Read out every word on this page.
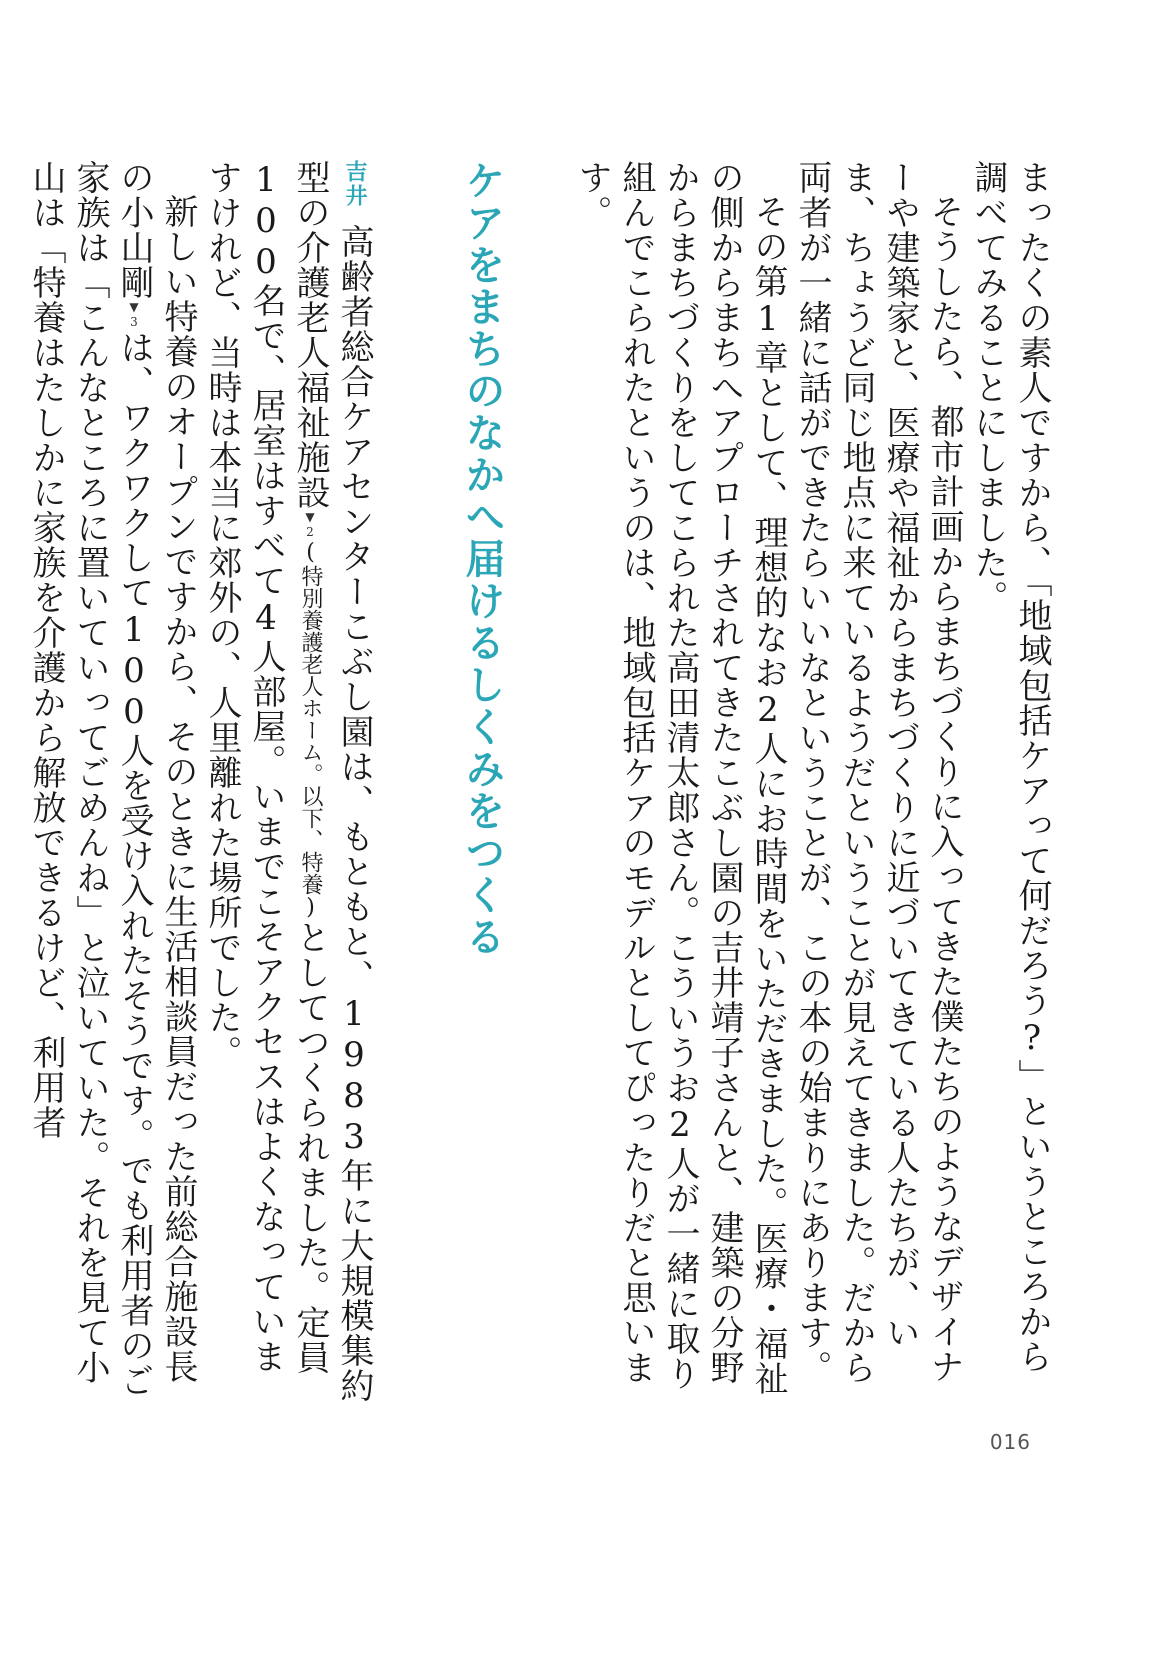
まったくの素人ですから、「地域包括ケアって何だろう?」というところから調べてみることにしました。

そうしたら、都市計画からまちづくりに入ってきた僕たちのようなデザイナーや建築家と、医療や福祉からまちづくりに近づいてきている人たちが、いま、ちょうど同じ地点に来ているようだということが見えてきました。だから両者が一緒に話ができたらいいなということが、この本の始まりにあります。

その第1章として、理想的なお2人にお時間をいただきました。医療・福祉の側からまちへアプローチされてきたこぶし園の吉井靖子さんと、建築の分野からまちづくりをしてこられた高田清太郎さん。こういうお2人が一緒に取り組んでこられたというのは、地域包括ケアのモデルとしてぴったりだと思います。

ケアをまちのなかへ届けるしくみをつくる

吉井高齢者総合ケアセンターこぶし園は、もともと、1983年に大規模集約型の介護老人福祉施設▼2(特別養護老人ホーム。以下、特養)としてつくられました。定員100名で、居室はすべて4人部屋。いまでこそアクセスはよくなっていますけれど、当時は本当に郊外の、人里離れた場所でした。

新しい特養のオープンですから、そのときに生活相談員だった前総合施設長の小山剛▼3は、ワクワクして100人を受け入れたそうです。でも利用者のご家族は「こんなところに置いていってごめんね」と泣いていた。それを見て小山は「特養はたしかに家族を介護から解放できるけど、利用者

016
